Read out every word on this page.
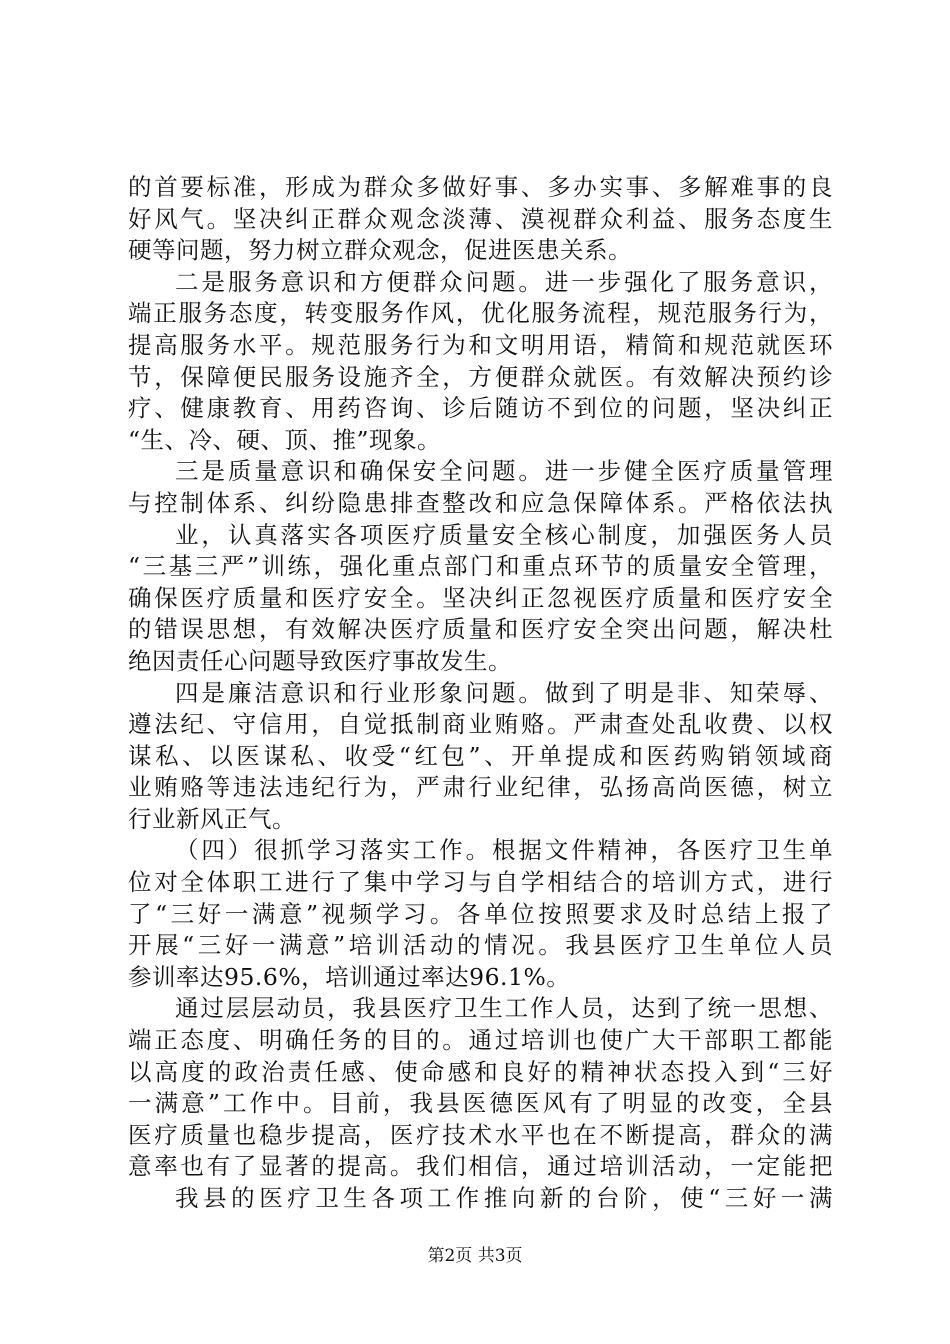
的首要标准，形成为群众多做好事、多办实事、多解难事的良
好风气。坚决纠正群众观念淡薄、漠视群众利益、服务态度生
硬等问题，努力树立群众观念，促进医患关系。
二是服务意识和方便群众问题。进一步强化了服务意识，
端正服务态度，转变服务作风，优化服务流程，规范服务行为，
提高服务水平。规范服务行为和文明用语，精简和规范就医环
节，保障便民服务设施齐全，方便群众就医。有效解决预约诊
疗、健康教育、用药咨询、诊后随访不到位的问题，坚决纠正
“生、冷、硬、顶、推”现象。
三是质量意识和确保安全问题。进一步健全医疗质量管理
与控制体系、纠纷隐患排查整改和应急保障体系。严格依法执
业，认真落实各项医疗质量安全核心制度，加强医务人员
“三基三严”训练，强化重点部门和重点环节的质量安全管理，
确保医疗质量和医疗安全。坚决纠正忽视医疗质量和医疗安全
的错误思想，有效解决医疗质量和医疗安全突出问题，解决杜
绝因责任心问题导致医疗事故发生。
四是廉洁意识和行业形象问题。做到了明是非、知荣辱、
遵法纪、守信用，自觉抵制商业贿赂。严肃查处乱收费、以权
谋私、以医谋私、收受“红包”、开单提成和医药购销领域商
业贿赂等违法违纪行为，严肃行业纪律，弘扬高尚医德，树立
行业新风正气。
（四）很抓学习落实工作。根据文件精神，各医疗卫生单
位对全体职工进行了集中学习与自学相结合的培训方式，进行
了“三好一满意”视频学习。各单位按照要求及时总结上报了
开展“三好一满意”培训活动的情况。我县医疗卫生单位人员
参训率达95.6%，培训通过率达96.1%。
通过层层动员，我县医疗卫生工作人员，达到了统一思想、
端正态度、明确任务的目的。通过培训也使广大干部职工都能
以高度的政治责任感、使命感和良好的精神状态投入到“三好
一满意”工作中。目前，我县医德医风有了明显的改变，全县
医疗质量也稳步提高，医疗技术水平也在不断提高，群众的满
意率也有了显著的提高。我们相信，通过培训活动，一定能把
我县的医疗卫生各项工作推向新的台阶，使“三好一满
第2页 共3页
